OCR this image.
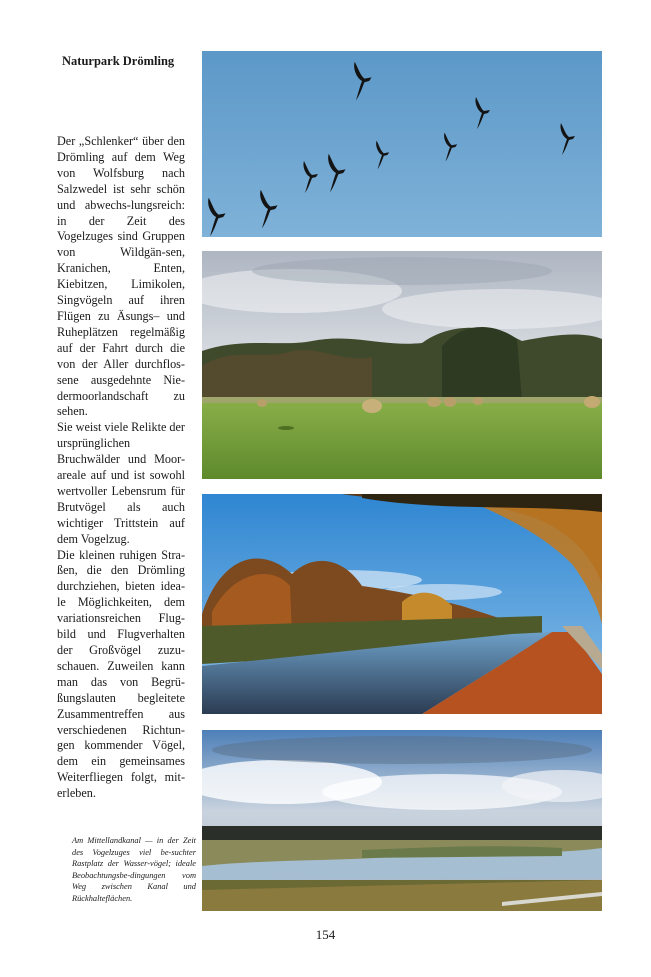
Naturpark Drömling

Der „Schlenker“ über den Drömling auf dem Weg von Wolfsburg nach Salzwedel ist sehr schön und abwechs-lungsreich: in der Zeit des Vogelzuges sind Gruppen von Wildgän-sen, Kranichen, Enten, Kiebitzen, Limikolen, Singvögeln auf ihren Flügen zu Äsungs– und Ruheplätzen regelmäßig auf der Fahrt durch die von der Aller durchflos-sene ausgedehnte Nie-dermoorlandschaft zu sehen.

Sie weist viele Relikte der ursprünglichen Bruchwälder und Moor-areale auf und ist sowohl wertvoller Lebensrum für Brutvögel als auch wichtiger Trittstein auf dem Vogelzug.

Die kleinen ruhigen Stra-ßen, die den Drömling durchziehen, bieten idea-le Möglichkeiten, dem variationsreichen Flug-bild und Flugverhalten der Großvögel zuzu-schauen. Zuweilen kann man das von Begrü-ßungslauten begleitete Zusammentreffen aus verschiedenen Richtun-gen kommender Vögel, dem ein gemeinsames Weiterfliegen folgt, mit-erleben.

Am Mittellandkanal — in der Zeit des Vogelzuges viel be-suchter Rastplatz der Wasser-vögel; ideale Beobachtungsbe-dingungen vom Weg zwischen Kanal und Rückhalteflächen.
154
